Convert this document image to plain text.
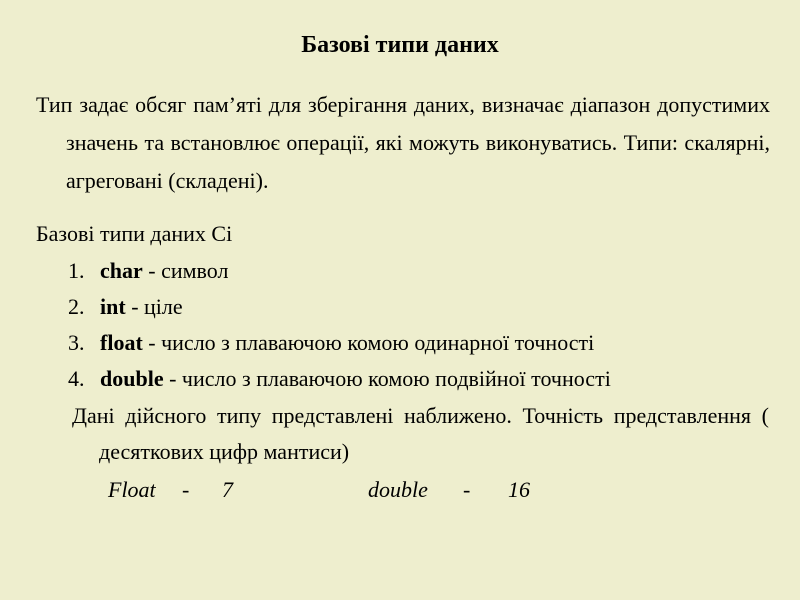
Базові типи даних
Тип задає обсяг пам’яті для зберігання даних, визначає діапазон допустимих значень та встановлює операції, які можуть виконуватись. Типи: скалярні, агреговані (складені).
Базові типи даних Сі
1. char - символ
2. int - ціле
3. float - число з плаваючою комою одинарної точності
4. double - число з плаваючою комою подвійної точності
Дані дійсного типу представлені наближено. Точність представлення ( десяткових цифр мантиси)
Float - 7	double - 16
